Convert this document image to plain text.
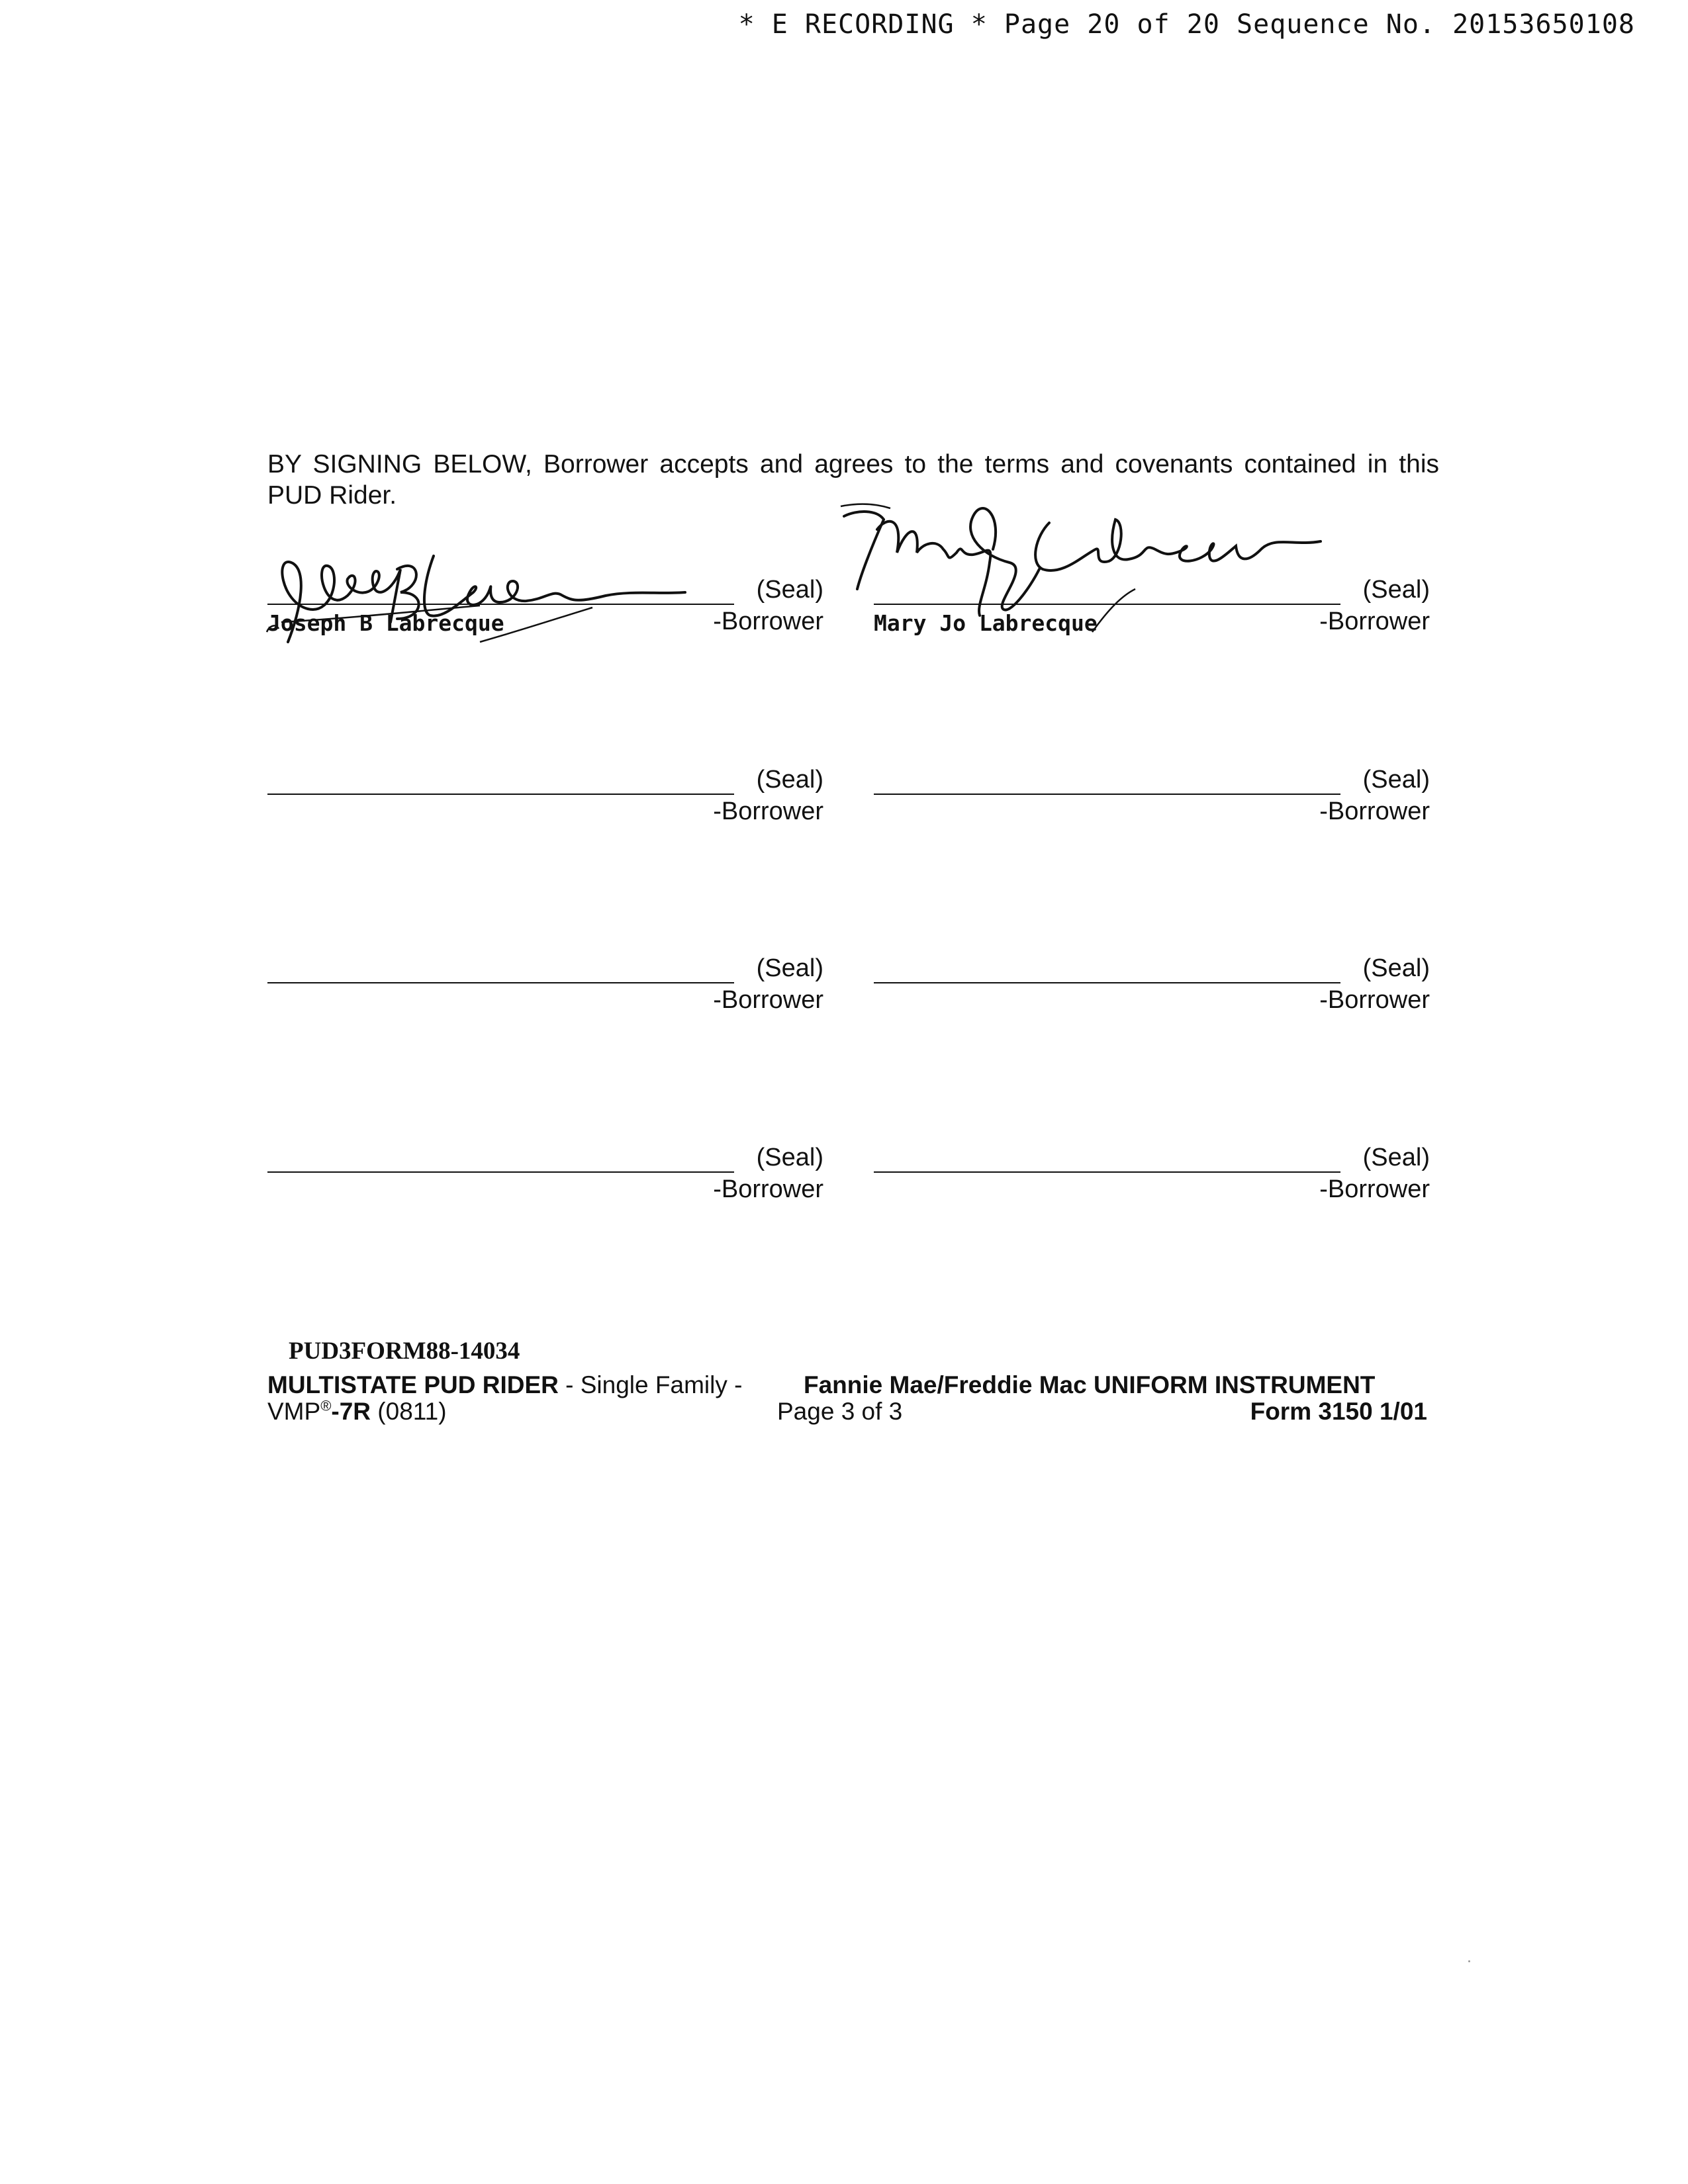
* E RECORDING * Page 20 of 20 Sequence No. 20153650108
BY SIGNING BELOW, Borrower accepts and agrees to the terms and covenants contained in this PUD Rider.
(Seal)
-Borrower
Joseph B Labrecque
(Seal)
-Borrower
Mary Jo Labrecque
(Seal)
-Borrower
(Seal)
-Borrower
(Seal)
-Borrower
(Seal)
-Borrower
(Seal)
-Borrower
(Seal)
-Borrower
PUD3FORM88-14034
MULTISTATE PUD RIDER - Single Family -	Fannie Mae/Freddie Mac UNIFORM INSTRUMENT
VMP®-7R (0811)	Page 3 of 3	Form 3150 1/01
